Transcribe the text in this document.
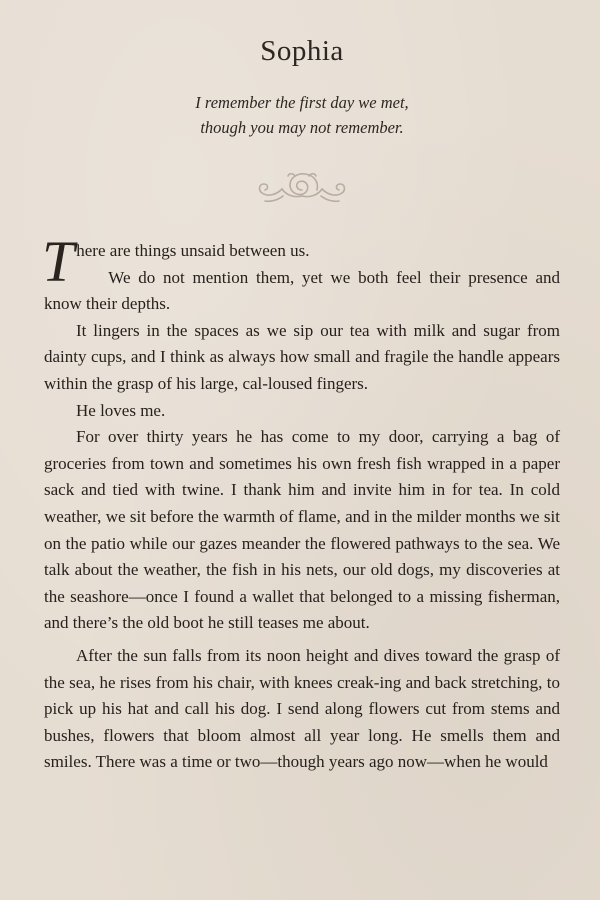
Sophia
I remember the first day we met,
though you may not remember.

There are things unsaid between us.

We do not mention them, yet we both feel their presence and know their depths.

It lingers in the spaces as we sip our tea with milk and sugar from dainty cups, and I think as always how small and fragile the handle appears within the grasp of his large, cal-loused fingers.

He loves me.

For over thirty years he has come to my door, carrying a bag of groceries from town and sometimes his own fresh fish wrapped in a paper sack and tied with twine. I thank him and invite him in for tea. In cold weather, we sit before the warmth of flame, and in the milder months we sit on the patio while our gazes meander the flowered pathways to the sea. We talk about the weather, the fish in his nets, our old dogs, my discoveries at the seashore—once I found a wallet that belonged to a missing fisherman, and there’s the old boot he still teases me about.

After the sun falls from its noon height and dives toward the grasp of the sea, he rises from his chair, with knees creak-ing and back stretching, to pick up his hat and call his dog. I send along flowers cut from stems and bushes, flowers that bloom almost all year long. He smells them and smiles. There was a time or two—though years ago now—when he would
